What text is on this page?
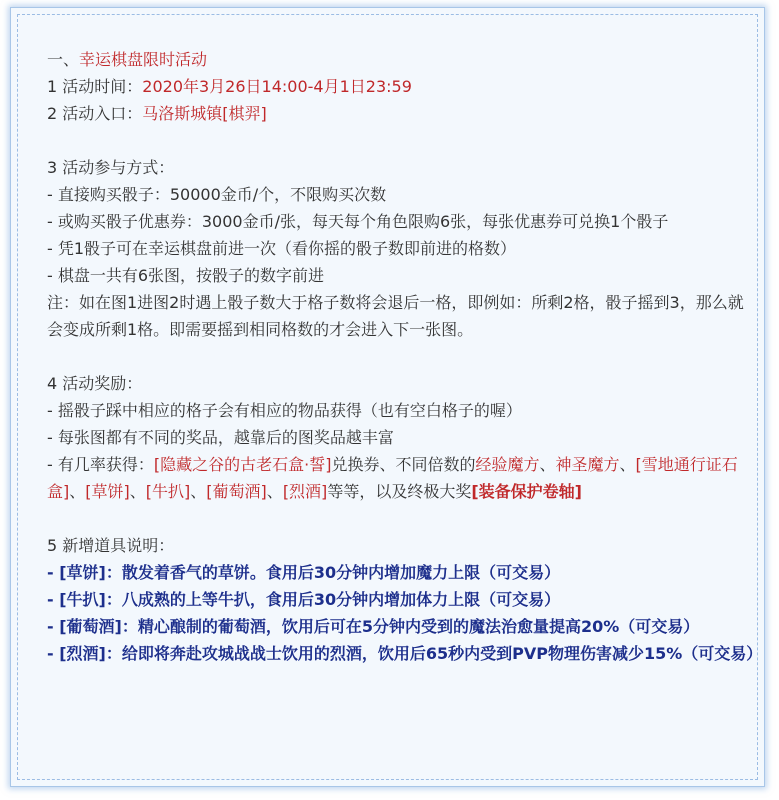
一、幸运棋盘限时活动
1 活动时间：2020年3月26日14:00-4月1日23:59
2 活动入口：马洛斯城镇[棋羿]
3 活动参与方式：
- 直接购买骰子：50000金币/个，不限购买次数
- 或购买骰子优惠券：3000金币/张，每天每个角色限购6张，每张优惠券可兑换1个骰子
- 凭1骰子可在幸运棋盘前进一次（看你摇的骰子数即前进的格数）
- 棋盘一共有6张图，按骰子的数字前进
注：如在图1进图2时遇上骰子数大于格子数将会退后一格，即例如：所剩2格，骰子摇到3，那么就会变成所剩1格。即需要摇到相同格数的才会进入下一张图。
4 活动奖励：
- 摇骰子踩中相应的格子会有相应的物品获得（也有空白格子的喔）
- 每张图都有不同的奖品，越靠后的图奖品越丰富
- 有几率获得：[隐藏之谷的古老石盒·誓]兑换券、不同倍数的经验魔方、神圣魔方、[雪地通行证石盒]、[草饼]、[牛扒]、[葡萄酒]、[烈酒]等等，以及终极大奖[装备保护卷轴]
5 新增道具说明：
- [草饼]：散发着香气的草饼。食用后30分钟内增加魔力上限（可交易）
- [牛扒]：八成熟的上等牛扒，食用后30分钟内增加体力上限（可交易）
- [葡萄酒]：精心酿制的葡萄酒，饮用后可在5分钟内受到的魔法治愈量提高20%（可交易）
- [烈酒]：给即将奔赴攻城战战士饮用的烈酒，饮用后65秒内受到PVP物理伤害减少15%（可交易）
